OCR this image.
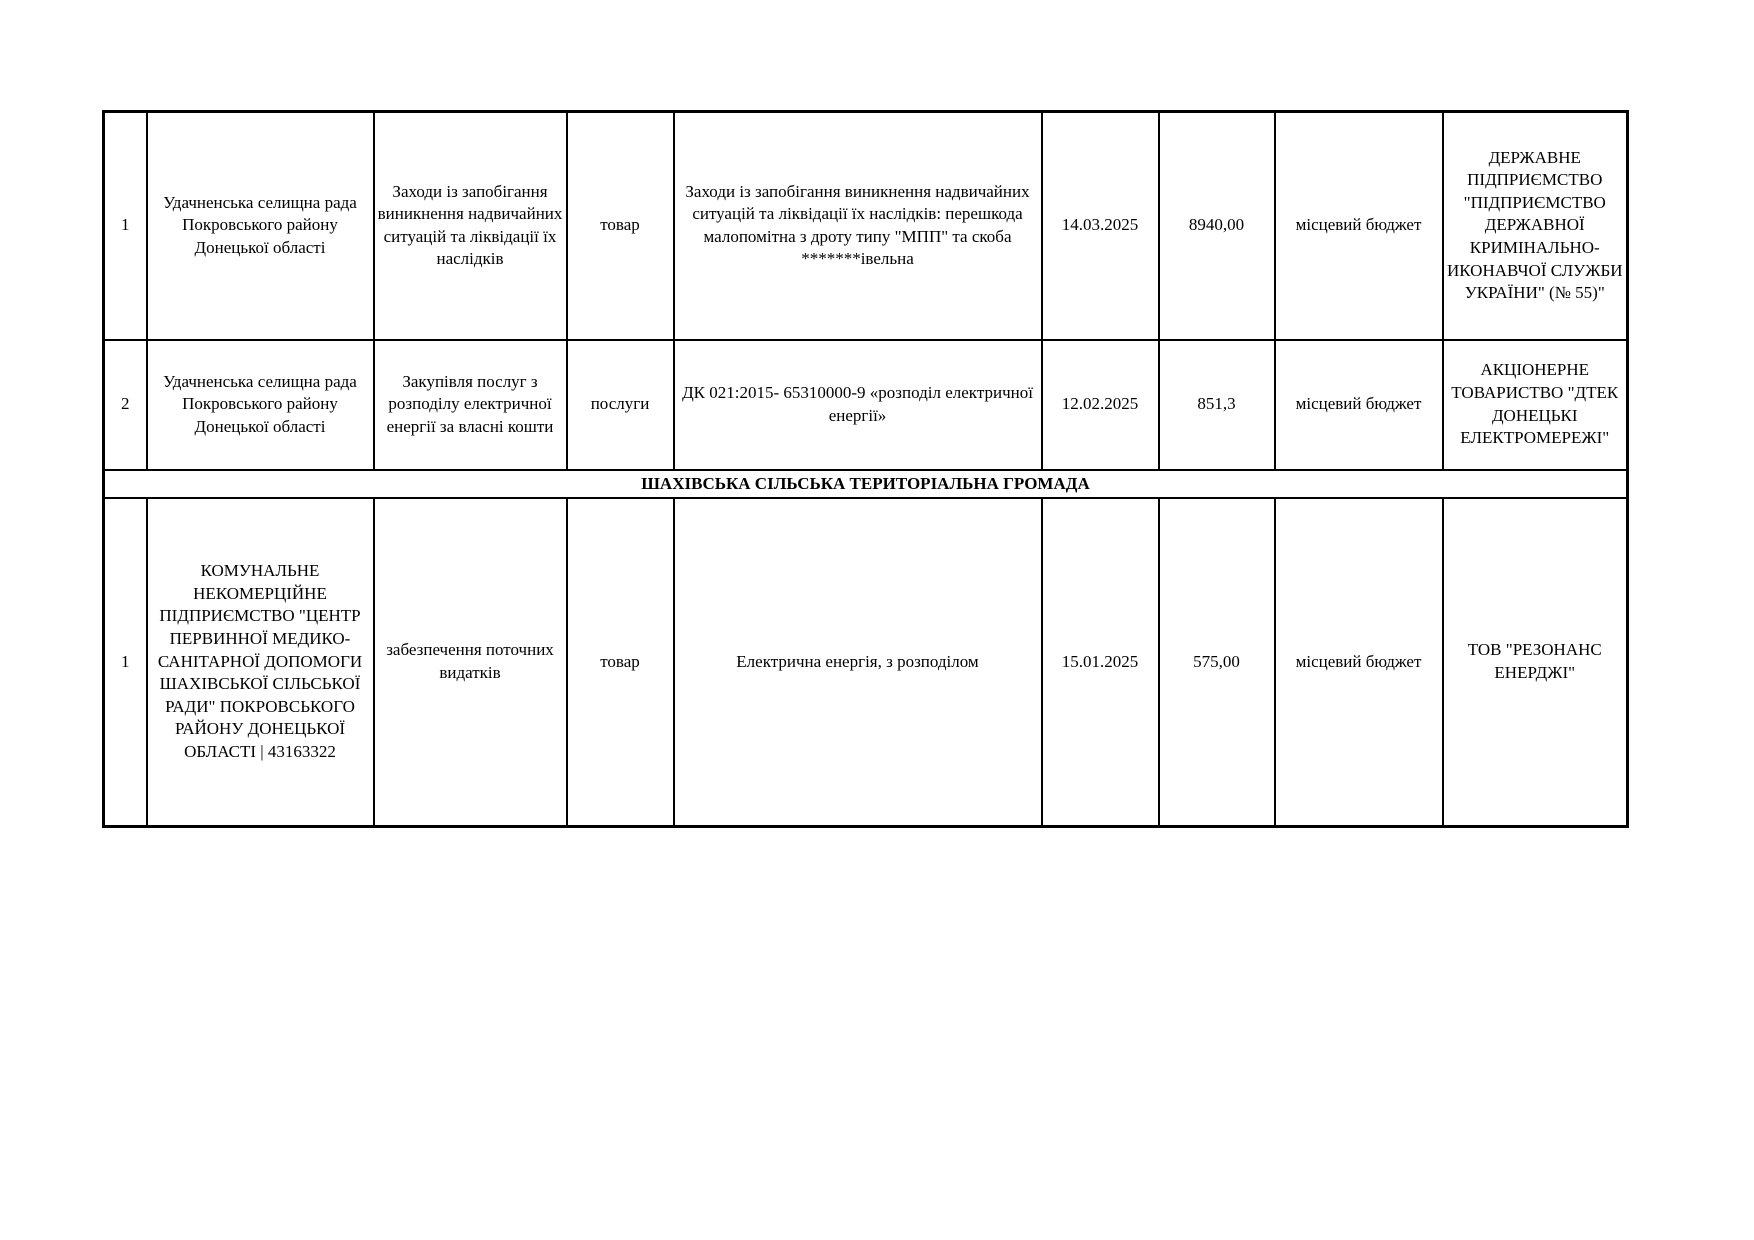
1	Удачненська селищна рада Покровського району Донецької області	Заходи із запобігання виникнення надвичайних ситуацій та ліквідації їх наслідків	товар	Заходи із запобігання виникнення надвичайних ситуацій та ліквідації їх наслідків: перешкода малопомітна з дроту типу "МПП" та скоба *******івельна	14.03.2025	8940,00	місцевий бюджет	ДЕРЖАВНЕ ПІДПРИЄМСТВО "ПІДПРИЄМСТВО ДЕРЖАВНОЇ КРИМІНАЛЬНО-ИКОНАВЧОЇ СЛУЖБИ УКРАЇНИ" (№ 55)"
2	Удачненська селищна рада Покровського району Донецької області	Закупівля послуг з розподілу електричної енергії за власні кошти	послуги	ДК 021:2015- 65310000-9 «розподіл електричної енергії»	12.02.2025	851,3	місцевий бюджет	АКЦІОНЕРНЕ ТОВАРИСТВО "ДТЕК ДОНЕЦЬКІ ЕЛЕКТРОМЕРЕЖІ"
ШАХІВСЬКА СІЛЬСЬКА ТЕРИТОРІАЛЬНА ГРОМАДА								
1	КОМУНАЛЬНЕ НЕКОМЕРЦІЙНЕ ПІДПРИЄМСТВО "ЦЕНТР ПЕРВИННОЇ МЕДИКО-САНІТАРНОЇ ДОПОМОГИ ШАХІВСЬКОЇ СІЛЬСЬКОЇ РАДИ" ПОКРОВСЬКОГО РАЙОНУ ДОНЕЦЬКОЇ ОБЛАСТІ | 43163322	забезпечення поточних видатків	товар	Електрична енергія, з розподілом	15.01.2025	575,00	місцевий бюджет	ТОВ "РЕЗОНАНС ЕНЕРДЖІ"
